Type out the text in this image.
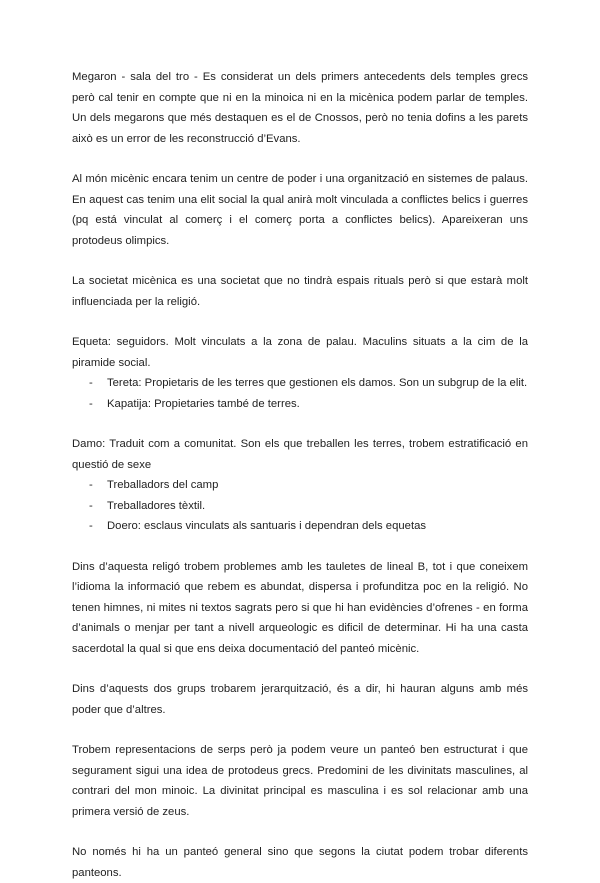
Megaron - sala del tro - Es considerat un dels primers antecedents dels temples grecs però cal tenir en compte que ni en la minoica ni en la micènica podem parlar de temples. Un dels megarons que més destaquen es el de Cnossos, però no tenia dofins a les parets això es un error de les reconstrucció d’Evans.

Al món micènic encara tenim un centre de poder i una organització en sistemes de palaus. En aquest cas tenim una elit social la qual anirà molt vinculada a conflictes belics i guerres (pq está vinculat al comerç i el comerç porta a conflictes belics). Apareixeran uns protodeus olimpics.

La societat micènica es una societat que no tindrà espais rituals però si que estarà molt influenciada per la religió.

Equeta: seguidors. Molt vinculats a la zona de palau. Maculins situats a la cim de la piramide social.

- Tereta: Propietaris de les terres que gestionen els damos. Son un subgrup de la elit.
- Kapatija: Propietaries també de terres.

Damo: Traduit com a comunitat. Son els que treballen les terres, trobem estratificació en questió de sexe

- Treballadors del camp
- Treballadores tèxtil.
- Doero: esclaus vinculats als santuaris i dependran dels equetas

Dins d’aquesta religó trobem problemes amb les tauletes de lineal B, tot i que coneixem l’idioma la informació que rebem es abundat, dispersa i profunditza poc en la religió. No tenen himnes, ni mites ni textos sagrats pero si que hi han evidències d’ofrenes - en forma d’animals o menjar per tant a nivell arqueologic es dificil de determinar. Hi ha una casta sacerdotal la qual si que ens deixa documentació del panteó micènic.

Dins d’aquests dos grups trobarem jerarquització, és a dir, hi hauran alguns amb més poder que d’altres.

Trobem representacions de serps però ja podem veure un panteó ben estructurat i que segurament sigui una idea de protodeus grecs. Predomini de les divinitats masculines, al contrari del mon minoic. La divinitat principal es masculina i es sol relacionar amb una primera versió de zeus.

No només hi ha un panteó general sino que segons la ciutat podem trobar diferents panteons.
